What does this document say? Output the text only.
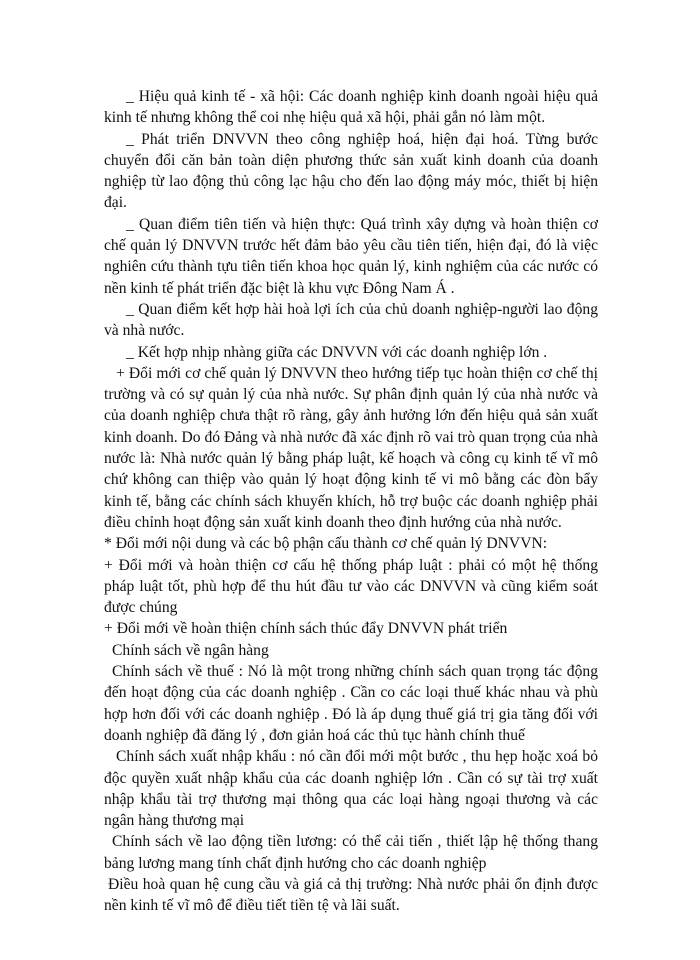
_ Hiệu quả kinh tế - xã hội: Các doanh nghiệp kinh doanh ngoài hiệu quả kinh tế nhưng không thể coi nhẹ hiệu quả xã hội, phải gắn nó làm một.

_ Phát triển DNVVN theo công nghiệp hoá, hiện đại hoá. Từng bước chuyển đổi căn bản toàn diện phương thức sản xuất kinh doanh của doanh nghiệp từ lao động thủ công lạc hậu cho đến lao động máy móc, thiết bị hiện đại.

_ Quan điểm tiên tiến và hiện thực: Quá trình xây dựng và hoàn thiện cơ chế quản lý DNVVN trước hết đảm bảo yêu cầu tiên tiến, hiện đại, đó là việc nghiên cứu thành tựu tiên tiến khoa học quản lý, kinh nghiệm của các nước có nền kinh tế phát triển đặc biệt là khu vực Đông Nam Á .

_ Quan điểm kết hợp hài hoà lợi ích của chủ doanh nghiệp-người lao động và nhà nước.

_ Kết hợp nhịp nhàng giữa các DNVVN với các doanh nghiệp lớn .

+ Đổi mới cơ chế quản lý DNVVN theo hướng tiếp tục hoàn thiện cơ chế thị trường và có sự quản lý của nhà nước. Sự phân định quản lý của nhà nước và của doanh nghiệp chưa thật rõ ràng, gây ảnh hưởng lớn đến hiệu quả sản xuất kinh doanh. Do đó Đảng và nhà nước đã xác định rõ vai trò quan trọng của nhà nước là: Nhà nước quản lý bằng pháp luật, kế hoạch và công cụ kinh tế vĩ mô chứ không can thiệp vào quản lý hoạt động kinh tế vi mô bằng các đòn bẩy kinh tế, bằng các chính sách khuyến khích, hỗ trợ buộc các doanh nghiệp phải điều chỉnh hoạt động sản xuất kinh doanh theo định hướng của nhà nước.

* Đổi mới nội dung và các bộ phận cấu thành cơ chế quản lý DNVVN:

+ Đổi mới và hoàn thiện cơ cấu hệ thống pháp luật : phải có một hệ thống pháp luật tốt, phù hợp để thu hút đầu tư vào các DNVVN và cũng kiểm soát được chúng

+ Đổi mới về hoàn thiện chính sách thúc đẩy DNVVN phát triển

Chính sách về ngân hàng

Chính sách về thuế : Nó là một trong những chính sách quan trọng tác động đến hoạt động của các doanh nghiệp . Cần co các loại thuế khác nhau và phù hợp hơn đối với các doanh nghiệp . Đó là áp dụng thuế giá trị gia tăng đối với doanh nghiệp đã đăng lý , đơn giản hoá các thủ tục hành chính thuế

Chính sách xuất nhập khẩu : nó cần đổi mới một bước , thu hẹp hoặc xoá bỏ độc quyền xuất nhập khẩu của các doanh nghiệp lớn . Cần có sự tài trợ xuất nhập khẩu tài trợ thương mại thông qua các loại hàng ngoại thương và các ngân hàng thương mại

Chính sách về lao động tiền lương: có thể cải tiến , thiết lập hệ thống thang bảng lương mang tính chất định hướng cho các doanh nghiệp

Điều hoà quan hệ cung cầu và giá cả thị trường: Nhà nước phải ổn định được nền kinh tế vĩ mô để điều tiết tiền tệ và lãi suất.
